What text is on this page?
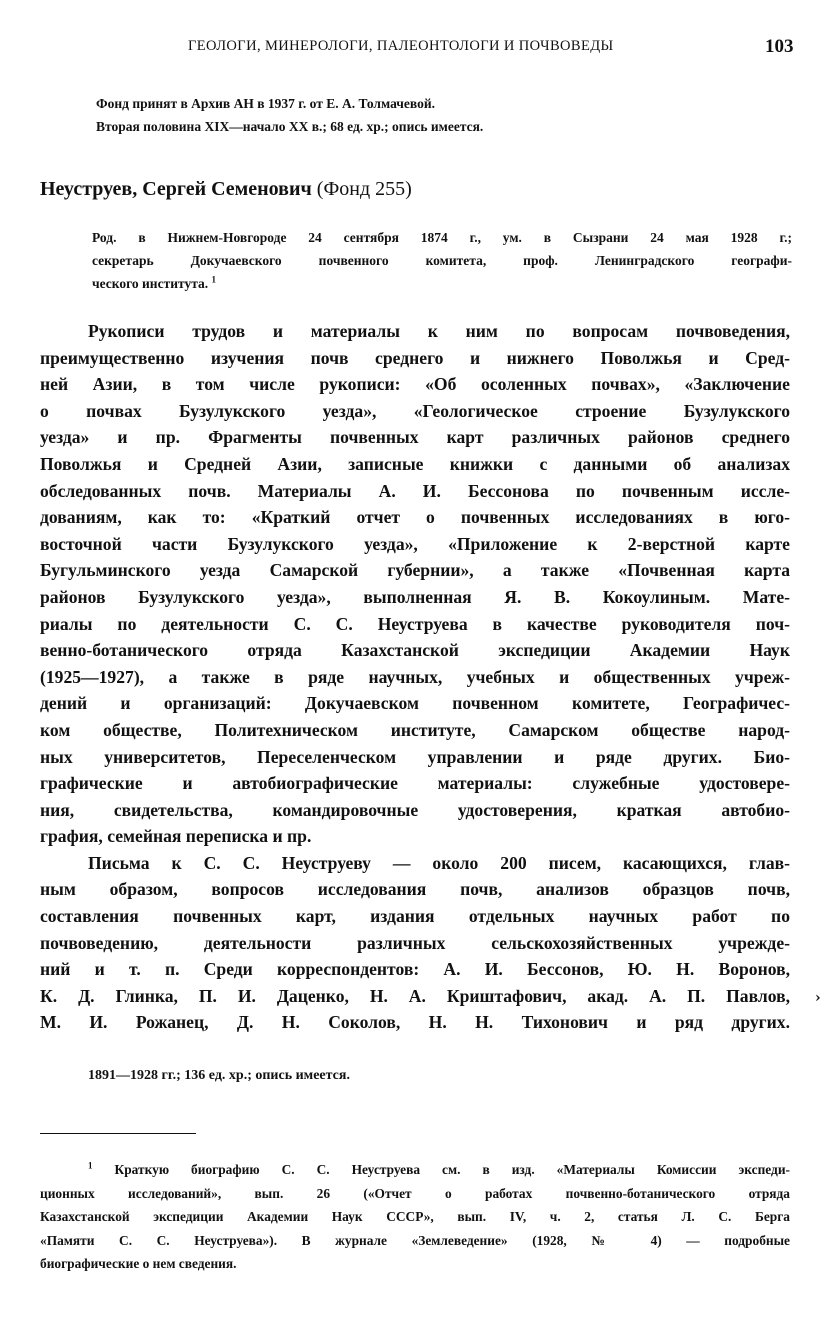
ГЕОЛОГИ, МИНЕРОЛОГИ, ПАЛЕОНТОЛОГИ И ПОЧВОВЕДЫ	103

Фонд принят в Архив АН в 1937 г. от Е. А. Толмачевой.

Вторая половина XIX—начало XX в.; 68 ед. хр.; опись имеется.

Неуструев, Сергей Семенович (Фонд 255)
Род. в Нижнем-Новгороде 24 сентября 1874 г., ум. в Сызрани 24 мая 1928 г.;
секретарь Докучаевского почвенного комитета, проф. Ленинградского географи-
ческого института. $^1$
Рукописи трудов и материалы к ним по вопросам почвоведения,
преимущественно изучения почв среднего и нижнего Поволжья и Сред-
ней Азии, в том числе рукописи: «Об осоленных почвах», «Заключение
о почвах Бузулукского уезда», «Геологическое строение Бузулукского
уезда» и пр. Фрагменты почвенных карт различных районов среднего
Поволжья и Средней Азии, записные книжки с данными об анализах
обследованных почв. Материалы А. И. Бессонова по почвенным иссле-
дованиям, как то: «Краткий отчет о почвенных исследованиях в юго-
восточной части Бузулукского уезда», «Приложение к 2-верстной карте
Бугульминского уезда Самарской губернии», а также «Почвенная карта
районов Бузулукского уезда», выполненная Я. В. Кокоулиным. Мате-
риалы по деятельности С. С. Неуструева в качестве руководителя поч-
венно-ботанического отряда Казахстанской экспедиции Академии Наук
(1925—1927), а также в ряде научных, учебных и общественных учреж-
дений и организаций: Докучаевском почвенном комитете, Географичес-
ком обществе, Политехническом институте, Самарском обществе народ-
ных университетов, Переселенческом управлении и ряде других. Био-
графические и автобиографические материалы: служебные удостовере-
ния, свидетельства, командировочные удостоверения, краткая автобио-
графия, семейная переписка и пр.
Письма к С. С. Неуструеву — около 200 писем, касающихся, глав-
ным образом, вопросов исследования почв, анализов образцов почв,
составления почвенных карт, издания отдельных научных работ по
почвоведению, деятельности различных сельскохозяйственных учрежде-
ний и т. п. Среди корреспондентов: А. И. Бессонов, Ю. Н. Воронов,
К. Д. Глинка, П. И. Даценко, Н. А. Криштафович, акад. А. П. Павлов,
М. И. Рожанец, Д. Н. Соколов, Н. Н. Тихонович и ряд других.
1891—1928 гг.; 136 ед. хр.; опись имеется.
›
$^1$ Краткую биографию С. С. Неуструева см. в изд. «Материалы Комиссии экспеди-
ционных исследований», вып. 26 («Отчет о работах почвенно-ботанического отряда
Казахстанской экспедиции Академии Наук СССР», вып. IV, ч. 2, статья Л. С. Берга
«Памяти С. С. Неуструева»). В журнале «Землеведение» (1928, № 4) — подробные
биографические о нем сведения.
